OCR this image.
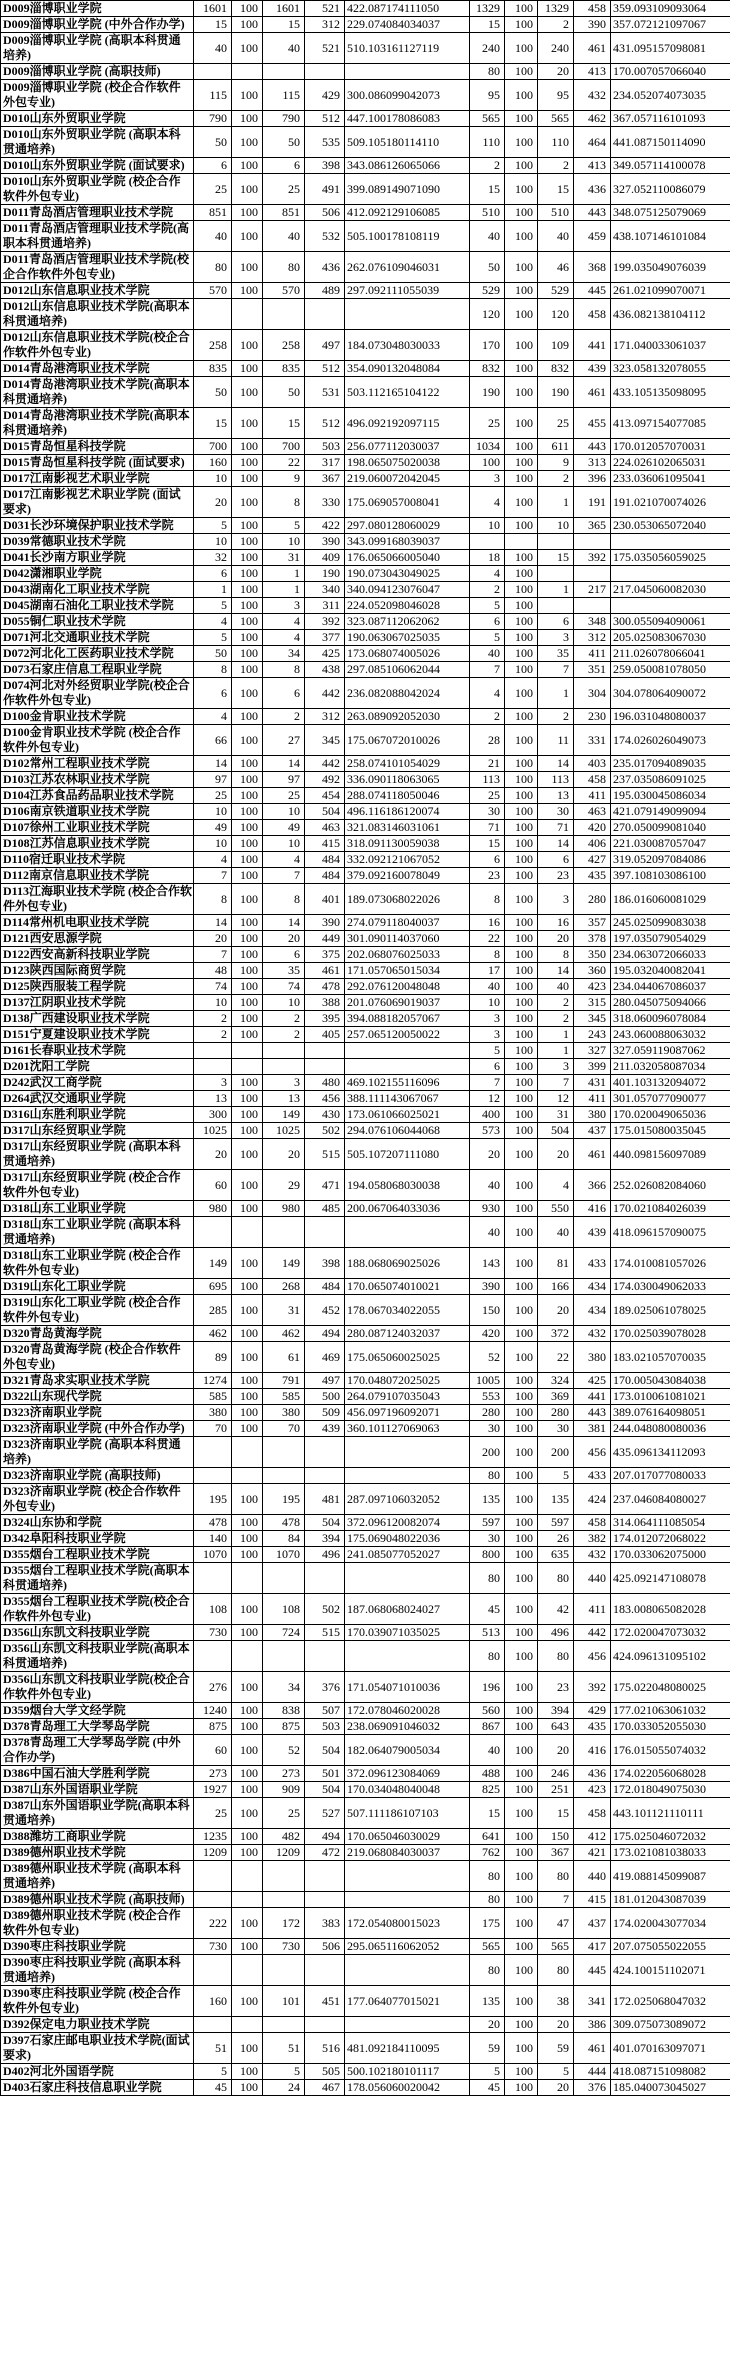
D009淄博职业学院	1601	100	1601	521	422.087174111050	1329	100	1329	458	359.093109093064
D009淄博职业学院 (中外合作办学)	15	100	15	312	229.074084034037	15	100	2	390	357.072121097067
D009淄博职业学院 (高职本科贯通培养)	40	100	40	521	510.103161127119	240	100	240	461	431.095157098081
D009淄博职业学院 (高职技师)						80	100	20	413	170.007057066040
D009淄博职业学院 (校企合作软件外包专业)	115	100	115	429	300.086099042073	95	100	95	432	234.052074073035
D010山东外贸职业学院	790	100	790	512	447.100178086083	565	100	565	462	367.057116101093
D010山东外贸职业学院 (高职本科贯通培养)	50	100	50	535	509.105180114110	110	100	110	464	441.087150114090
D010山东外贸职业学院 (面试要求)	6	100	6	398	343.086126065066	2	100	2	413	349.057114100078
D010山东外贸职业学院 (校企合作软件外包专业)	25	100	25	491	399.089149071090	15	100	15	436	327.052110086079
D011青岛酒店管理职业技术学院	851	100	851	506	412.092129106085	510	100	510	443	348.075125079069
D011青岛酒店管理职业技术学院(高职本科贯通培养)	40	100	40	532	505.100178108119	40	100	40	459	438.107146101084
D011青岛酒店管理职业技术学院(校企合作软件外包专业)	80	100	80	436	262.076109046031	50	100	46	368	199.035049076039
D012山东信息职业技术学院	570	100	570	489	297.092111055039	529	100	529	445	261.021099070071
D012山东信息职业技术学院(高职本科贯通培养)						120	100	120	458	436.082138104112
D012山东信息职业技术学院(校企合作软件外包专业)	258	100	258	497	184.073048030033	170	100	109	441	171.040033061037
D014青岛港湾职业技术学院	835	100	835	512	354.090132048084	832	100	832	439	323.058132078055
D014青岛港湾职业技术学院(高职本科贯通培养)	50	100	50	531	503.112165104122	190	100	190	461	433.105135098095
D014青岛港湾职业技术学院(高职本科贯通培养)	15	100	15	512	496.092192097115	25	100	25	455	413.097154077085
D015青岛恒星科技学院	700	100	700	503	256.077112030037	1034	100	611	443	170.012057070031
D015青岛恒星科技学院 (面试要求)	160	100	22	317	198.065075020038	100	100	9	313	224.026102065031
D017江南影视艺术职业学院	10	100	9	367	219.060072042045	3	100	2	396	233.036061095041
D017江南影视艺术职业学院 (面试要求)	20	100	8	330	175.069057008041	4	100	1	191	191.021070074026
D031长沙环境保护职业技术学院	5	100	5	422	297.080128060029	10	100	10	365	230.053065072040
D039常德职业技术学院	10	100	10	390	343.099168039037					
D041长沙南方职业学院	32	100	31	409	176.065066005040	18	100	15	392	175.035056059025
D042潇湘职业学院	6	100	1	190	190.073043049025	4	100			
D043湖南化工职业技术学院	1	100	1	340	340.094123076047	2	100	1	217	217.045060082030
D045湖南石油化工职业技术学院	5	100	3	311	224.052098046028	5	100			
D055铜仁职业技术学院	4	100	4	392	323.087112062062	6	100	6	348	300.055094090061
D071河北交通职业技术学院	5	100	4	377	190.063067025035	5	100	3	312	205.025083067030
D072河北化工医药职业技术学院	50	100	34	425	173.068074005026	40	100	35	411	211.026078066041
D073石家庄信息工程职业学院	8	100	8	438	297.085106062044	7	100	7	351	259.050081078050
D074河北对外经贸职业学院(校企合作软件外包专业)	6	100	6	442	236.082088042024	4	100	1	304	304.078064090072
D100金肯职业技术学院	4	100	2	312	263.089092052030	2	100	2	230	196.031048080037
D100金肯职业技术学院 (校企合作软件外包专业)	66	100	27	345	175.067072010026	28	100	11	331	174.026026049073
D102常州工程职业技术学院	14	100	14	442	258.074101054029	21	100	14	403	235.017094089035
D103江苏农林职业技术学院	97	100	97	492	336.090118063065	113	100	113	458	237.035086091025
D104江苏食品药品职业技术学院	25	100	25	454	288.074118050046	25	100	13	411	195.030045086034
D106南京铁道职业技术学院	10	100	10	504	496.116186120074	30	100	30	463	421.079149099094
D107徐州工业职业技术学院	49	100	49	463	321.083146031061	71	100	71	420	270.050099081040
D108江苏信息职业技术学院	10	100	10	415	318.091130059038	15	100	14	406	221.030087057047
D110宿迁职业技术学院	4	100	4	484	332.092121067052	6	100	6	427	319.052097084086
D112南京信息职业技术学院	7	100	7	484	379.092160078049	23	100	23	435	397.108103086100
D113江海职业技术学院 (校企合作软件外包专业)	8	100	8	401	189.073068022026	8	100	3	280	186.016060081029
D114常州机电职业技术学院	14	100	14	390	274.079118040037	16	100	16	357	245.025099083038
D121西安思源学院	20	100	20	449	301.090114037060	22	100	20	378	197.035079054029
D122西安高新科技职业学院	7	100	6	375	202.068076025033	8	100	8	350	234.063072066033
D123陕西国际商贸学院	48	100	35	461	171.057065015034	17	100	14	360	195.032040082041
D125陕西服装工程学院	74	100	74	478	292.076120048048	40	100	40	423	234.044067086037
D137江阴职业技术学院	10	100	10	388	201.076069019037	10	100	2	315	280.045075094066
D138广西建设职业技术学院	2	100	2	395	394.088182057067	3	100	2	345	318.060096078084
D151宁夏建设职业技术学院	2	100	2	405	257.065120050022	3	100	1	243	243.060088063032
D161长春职业技术学院						5	100	1	327	327.059119087062
D201沈阳工学院						6	100	3	399	211.032058087034
D242武汉工商学院	3	100	3	480	469.102155116096	7	100	7	431	401.103132094072
D264武汉交通职业学院	13	100	13	456	388.111143067067	12	100	12	411	301.057077090077
D316山东胜利职业学院	300	100	149	430	173.061066025021	400	100	31	380	170.020049065036
D317山东经贸职业学院	1025	100	1025	502	294.076106044068	573	100	504	437	175.015080035045
D317山东经贸职业学院 (高职本科贯通培养)	20	100	20	515	505.107207111080	20	100	20	461	440.098156097089
D317山东经贸职业学院 (校企合作软件外包专业)	60	100	29	471	194.058068030038	40	100	4	366	252.026082084060
D318山东工业职业学院	980	100	980	485	200.067064033036	930	100	550	416	170.021084026039
D318山东工业职业学院 (高职本科贯通培养)						40	100	40	439	418.096157090075
D318山东工业职业学院 (校企合作软件外包专业)	149	100	149	398	188.068069025026	143	100	81	433	174.010081057026
D319山东化工职业学院	695	100	268	484	170.065074010021	390	100	166	434	174.030049062033
D319山东化工职业学院 (校企合作软件外包专业)	285	100	31	452	178.067034022055	150	100	20	434	189.025061078025
D320青岛黄海学院	462	100	462	494	280.087124032037	420	100	372	432	170.025039078028
D320青岛黄海学院 (校企合作软件外包专业)	89	100	61	469	175.065060025025	52	100	22	380	183.021057070035
D321青岛求实职业技术学院	1274	100	791	497	170.048072025025	1005	100	324	425	170.005043084038
D322山东现代学院	585	100	585	500	264.079107035043	553	100	369	441	173.010061081021
D323济南职业学院	380	100	380	509	456.097196092071	280	100	280	443	389.076164098051
D323济南职业学院 (中外合作办学)	70	100	70	439	360.101127069063	30	100	30	381	244.048080080036
D323济南职业学院 (高职本科贯通培养)						200	100	200	456	435.096134112093
D323济南职业学院 (高职技师)						80	100	5	433	207.017077080033
D323济南职业学院 (校企合作软件外包专业)	195	100	195	481	287.097106032052	135	100	135	424	237.046084080027
D324山东协和学院	478	100	478	504	372.096120082074	597	100	597	458	314.064111085054
D342阜阳科技职业学院	140	100	84	394	175.069048022036	30	100	26	382	174.012072068022
D355烟台工程职业技术学院	1070	100	1070	496	241.085077052027	800	100	635	432	170.033062075000
D355烟台工程职业技术学院(高职本科贯通培养)						80	100	80	440	425.092147108078
D355烟台工程职业技术学院(校企合作软件外包专业)	108	100	108	502	187.068068024027	45	100	42	411	183.008065082028
D356山东凯文科技职业学院	730	100	724	515	170.039071035025	513	100	496	442	172.020047073032
D356山东凯文科技职业学院(高职本科贯通培养)						80	100	80	456	424.096131095102
D356山东凯文科技职业学院(校企合作软件外包专业)	276	100	34	376	171.054071010036	196	100	23	392	175.022048080025
D359烟台大学文经学院	1240	100	838	507	172.078046020028	560	100	394	429	177.021063061032
D378青岛理工大学琴岛学院	875	100	875	503	238.069091046032	867	100	643	435	170.033052055030
D378青岛理工大学琴岛学院 (中外合作办学)	60	100	52	504	182.064079005034	40	100	20	416	176.015055074032
D386中国石油大学胜利学院	273	100	273	501	372.096123084069	488	100	246	436	174.022056068028
D387山东外国语职业学院	1927	100	909	504	170.034048040048	825	100	251	423	172.018049075030
D387山东外国语职业学院(高职本科贯通培养)	25	100	25	527	507.111186107103	15	100	15	458	443.101121110111
D388潍坊工商职业学院	1235	100	482	494	170.065046030029	641	100	150	412	175.025046072032
D389德州职业技术学院	1209	100	1209	472	219.068084030037	762	100	367	421	173.021081038033
D389德州职业技术学院 (高职本科贯通培养)						80	100	80	440	419.088145099087
D389德州职业技术学院 (高职技师)						80	100	7	415	181.012043087039
D389德州职业技术学院 (校企合作软件外包专业)	222	100	172	383	172.054080015023	175	100	47	437	174.020043077034
D390枣庄科技职业学院	730	100	730	506	295.065116062052	565	100	565	417	207.075055022055
D390枣庄科技职业学院 (高职本科贯通培养)						80	100	80	445	424.100151102071
D390枣庄科技职业学院 (校企合作软件外包专业)	160	100	101	451	177.064077015021	135	100	38	341	172.025068047032
D392保定电力职业技术学院						20	100	20	386	309.075073089072
D397石家庄邮电职业技术学院(面试要求)	51	100	51	516	481.092184110095	59	100	59	461	401.070163097071
D402河北外国语学院	5	100	5	505	500.102180101117	5	100	5	444	418.087151098082
D403石家庄科技信息职业学院	45	100	24	467	178.056060020042	45	100	20	376	185.040073045027
